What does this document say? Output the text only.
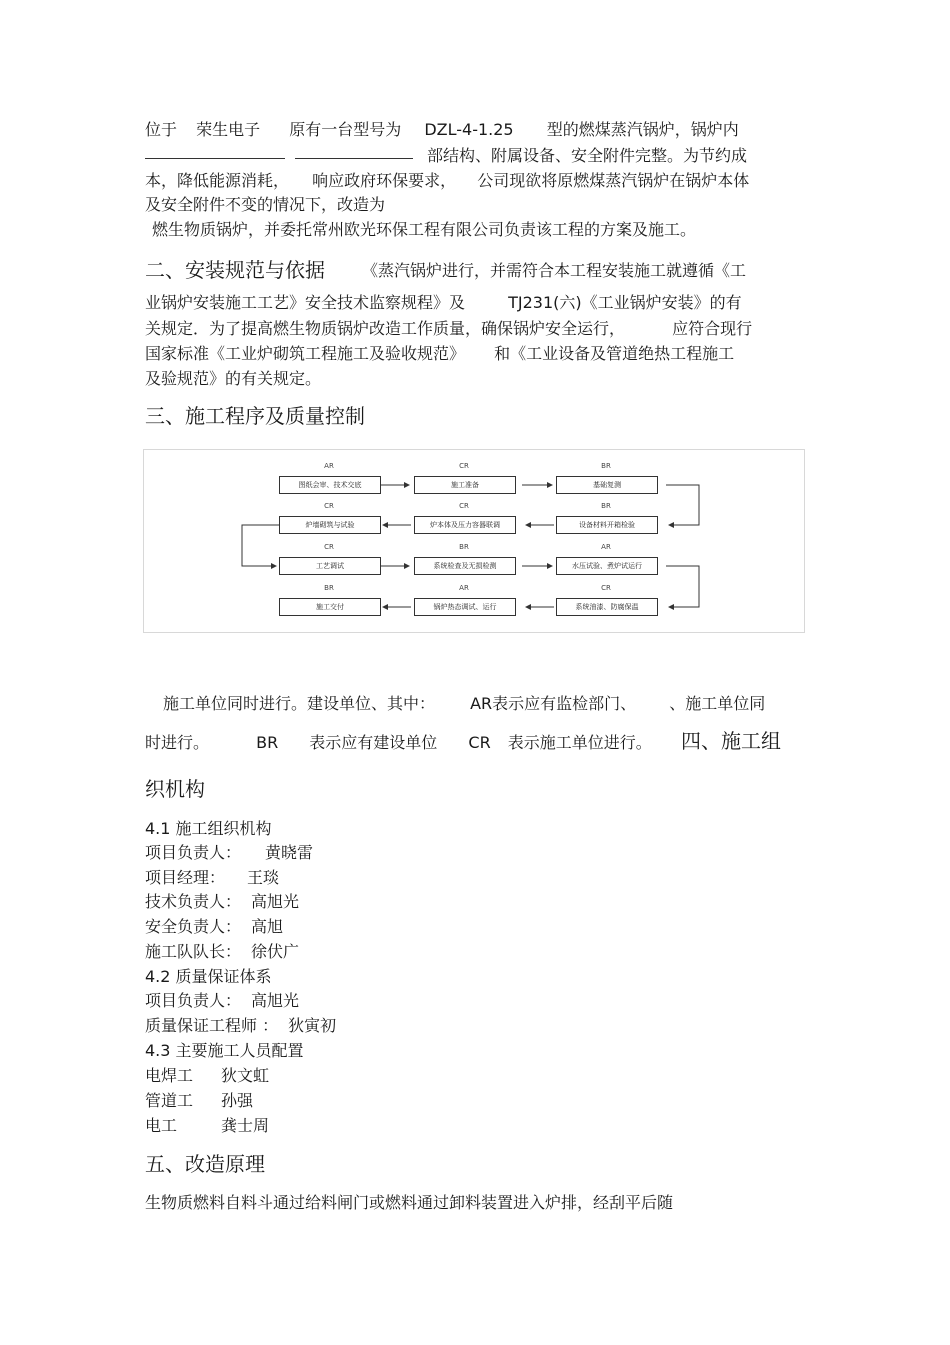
位于 荣生电子 原有一台型号为 DZL-4-1.25 型的燃煤蒸汽锅炉，锅炉内
部结构、附属设备、安全附件完整。为节约成
本，降低能源消耗， 响应政府环保要求， 公司现欲将原燃煤蒸汽锅炉在锅炉本体
及安全附件不变的情况下，改造为
燃生物质锅炉，并委托常州欧光环保工程有限公司负责该工程的方案及施工。
二、安装规范与依据 《蒸汽锅炉进行，并需符合本工程安装施工就遵循《工
业锅炉安装施工工艺》安全技术监察规程》及	TJ231(六)《工业锅炉安装》的有
关规定．为了提高燃生物质锅炉改造工作质量，确保锅炉安全运行，	应符合现行
国家标准《工业炉砌筑工程施工及验收规范》 和《工业设备及管道绝热工程施工
及验规范》的有关规定。
三、施工程序及质量控制
AR
图纸会审、技术交底
CR
施工准备
BR
基础复测
CR
炉墙砌筑与试验
CR
炉本体及压力容器联调
BR
设备材料开箱检验
CR
工艺调试
BR
系统检查及无损检测
AR
水压试验、煮炉试运行
BR
施工交付
AR
锅炉热态调试、运行
CR
系统油漆、防腐保温
施工单位同时进行。建设单位、其中： AR表示应有监检部门、 、施工单位同
时进行。	BR 表示应有建设单位 CR 表示施工单位进行。 四、施工组
织机构
4.1 施工组织机构
项目负责人： 黄晓雷
项目经理： 王琰
技术负责人： 高旭光
安全负责人： 高旭
施工队队长： 徐伏广
4.2 质量保证体系
项目负责人： 高旭光
质量保证工程师 ： 狄寅初
4.3 主要施工人员配置
电焊工 狄文虹
管道工 孙强
电工	龚士周
五、改造原理
生物质燃料自料斗通过给料闸门或燃料通过卸料装置进入炉排，经刮平后随
